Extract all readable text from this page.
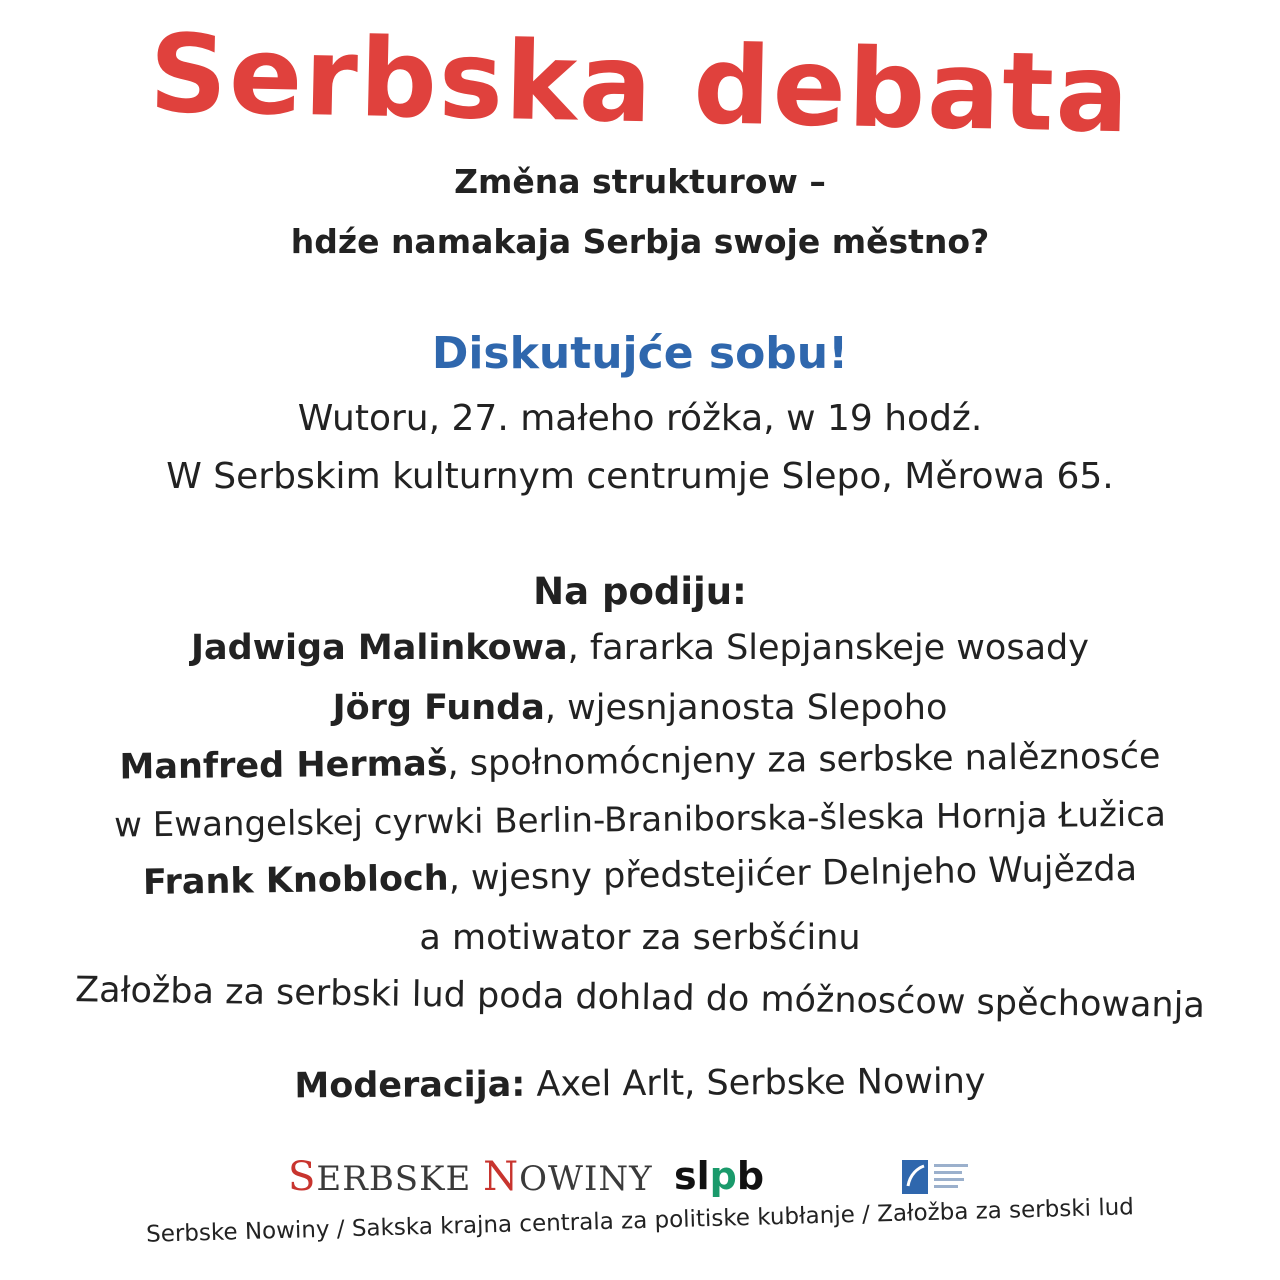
Serbska debata
Změna strukturow –
hdźe namakaja Serbja swoje městno?
Diskutujće sobu!
Wutoru, 27. małeho róžka, w 19 hodź.
W Serbskim kulturnym centrumje Slepo, Měrowa 65.
Na podiju:
Jadwiga Malinkowa, fararka Slepjanskeje wosady
Jörg Funda, wjesnjanosta Slepoho
Manfred Hermaš, społnomócnjeny za serbske nalěznosće
w Ewangelskej cyrwki Berlin-Braniborska-šleska Hornja Łužica
Frank Knobloch, wjesny předstejićer Delnjeho Wujězda
a motiwator za serbšćinu
Załožba za serbski lud poda dohlad do móžnosćow spěchowanja
Moderacija: Axel Arlt, Serbske Nowiny
SERBSKE NOWINY slpb
Serbske Nowiny / Sakska krajna centrala za politiske kubłanje / Załožba za serbski lud
